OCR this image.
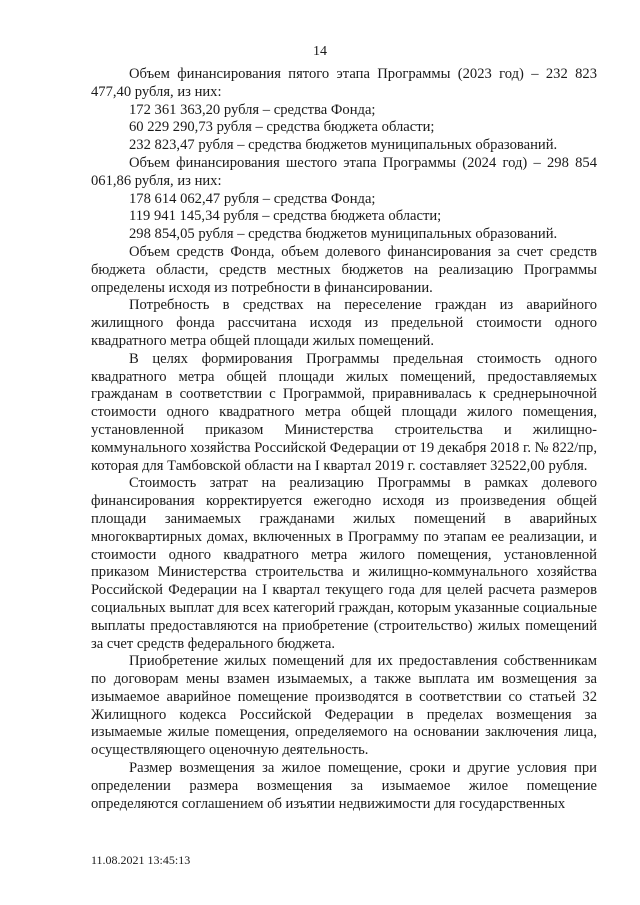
14

Объем финансирования пятого этапа Программы (2023 год) – 232 823 477,40 рубля, из них:

172 361 363,20 рубля – средства Фонда;

60 229 290,73 рубля – средства бюджета области;

232 823,47 рубля – средства бюджетов муниципальных образований.

Объем финансирования шестого этапа Программы (2024 год) – 298 854 061,86 рубля, из них:

178 614 062,47 рубля – средства Фонда;

119 941 145,34 рубля – средства бюджета области;

298 854,05 рубля – средства бюджетов муниципальных образований.

Объем средств Фонда, объем долевого финансирования за счет средств бюджета области, средств местных бюджетов на реализацию Программы определены исходя из потребности в финансировании.

Потребность в средствах на переселение граждан из аварийного жилищного фонда рассчитана исходя из предельной стоимости одного квадратного метра общей площади жилых помещений.

В целях формирования Программы предельная стоимость одного квадратного метра общей площади жилых помещений, предоставляемых гражданам в соответствии с Программой, приравнивалась к среднерыночной стоимости одного квадратного метра общей площади жилого помещения, установленной приказом Министерства строительства и жилищно-коммунального хозяйства Российской Федерации от 19 декабря 2018 г. № 822/пр, которая для Тамбовской области на I квартал 2019 г. составляет 32522,00 рубля.

Стоимость затрат на реализацию Программы в рамках долевого финансирования корректируется ежегодно исходя из произведения общей площади занимаемых гражданами жилых помещений в аварийных многоквартирных домах, включенных в Программу по этапам ее реализации, и стоимости одного квадратного метра жилого помещения, установленной приказом Министерства строительства и жилищно-коммунального хозяйства Российской Федерации на I квартал текущего года для целей расчета размеров социальных выплат для всех категорий граждан, которым указанные социальные выплаты предоставляются на приобретение (строительство) жилых помещений за счет средств федерального бюджета.

Приобретение жилых помещений для их предоставления собственникам по договорам мены взамен изымаемых, а также выплата им возмещения за изымаемое аварийное помещение производятся в соответствии со статьей 32 Жилищного кодекса Российской Федерации в пределах возмещения за изымаемые жилые помещения, определяемого на основании заключения лица, осуществляющего оценочную деятельность.

Размер возмещения за жилое помещение, сроки и другие условия при определении размера возмещения за изымаемое жилое помещение определяются соглашением об изъятии недвижимости для государственных

11.08.2021 13:45:13
